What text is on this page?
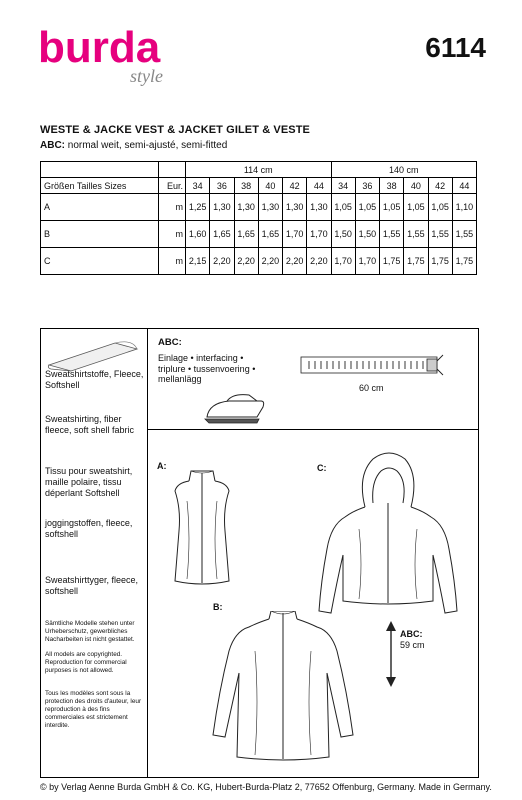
burda
style
6114
WESTE & JACKE VEST & JACKET GILET & VESTE
ABC: normal weit, semi-ajusté, semi-fitted
		114 cm						140 cm					
Größen Tailles Sizes	Eur.	34	36	38	40	42	44	34	36	38	40	42	44
A	m	1,25	1,30	1,30	1,30	1,30	1,30	1,05	1,05	1,05	1,05	1,05	1,10
B	m	1,60	1,65	1,65	1,65	1,70	1,70	1,50	1,50	1,55	1,55	1,55	1,55
C	m	2,15	2,20	2,20	2,20	2,20	2,20	1,70	1,70	1,75	1,75	1,75	1,75
Sweatshirtstoffe, Fleece, Softshell
Sweatshirting, fiber fleece, soft shell fabric
Tissu pour sweatshirt, maille polaire, tissu déperlant Softshell
joggingstoffen, fleece, softshell
Sweatshirttyger, fleece, softshell
Sämtliche Modelle stehen unter Urheberschutz, gewerbliches Nacharbeiten ist nicht gestattet.
All models are copyrighted. Reproduction for commercial purposes is not allowed.
Tous les modèles sont sous la protection des droits d'auteur, leur reproduction à des fins commerciales est strictement interdite.
ABC:
Einlage • interfacing •
triplure • tussenvoering •
mellanlägg
60 cm
A:
B:
C:
ABC:
59 cm
© by Verlag Aenne Burda GmbH & Co. KG, Hubert-Burda-Platz 2, 77652 Offenburg, Germany. Made in Germany.
